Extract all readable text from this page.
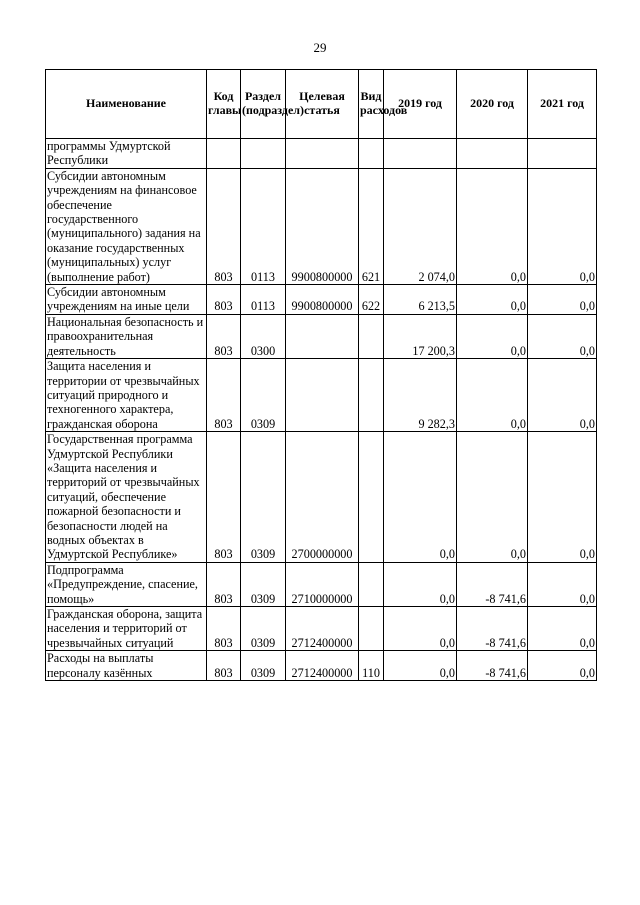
29
Наименование	Код главы	Раздел (подраздел)	Целевая статья	Вид расходов	2019 год	2020 год	2021 год
программы Удмуртской Республики							
Субсидии автономным учреждениям на финансовое обеспечение государственного (муниципального) задания на оказание государственных (муниципальных) услуг (выполнение работ)	803	0113	9900800000	621	2 074,0	0,0	0,0
Субсидии автономным учреждениям на иные цели	803	0113	9900800000	622	6 213,5	0,0	0,0
Национальная безопасность и правоохранительная деятельность	803	0300			17 200,3	0,0	0,0
Защита населения и территории от чрезвычайных ситуаций природного и техногенного характера, гражданская оборона	803	0309			9 282,3	0,0	0,0
Государственная программа Удмуртской Республики «Защита населения и территорий от чрезвычайных ситуаций, обеспечение пожарной безопасности и безопасности людей на водных объектах в Удмуртской Республике»	803	0309	2700000000		0,0	0,0	0,0
Подпрограмма «Предупреждение, спасение, помощь»	803	0309	2710000000		0,0	-8 741,6	0,0
Гражданская оборона, защита населения и территорий от чрезвычайных ситуаций	803	0309	2712400000		0,0	-8 741,6	0,0
Расходы на выплаты персоналу казённых	803	0309	2712400000	110	0,0	-8 741,6	0,0
